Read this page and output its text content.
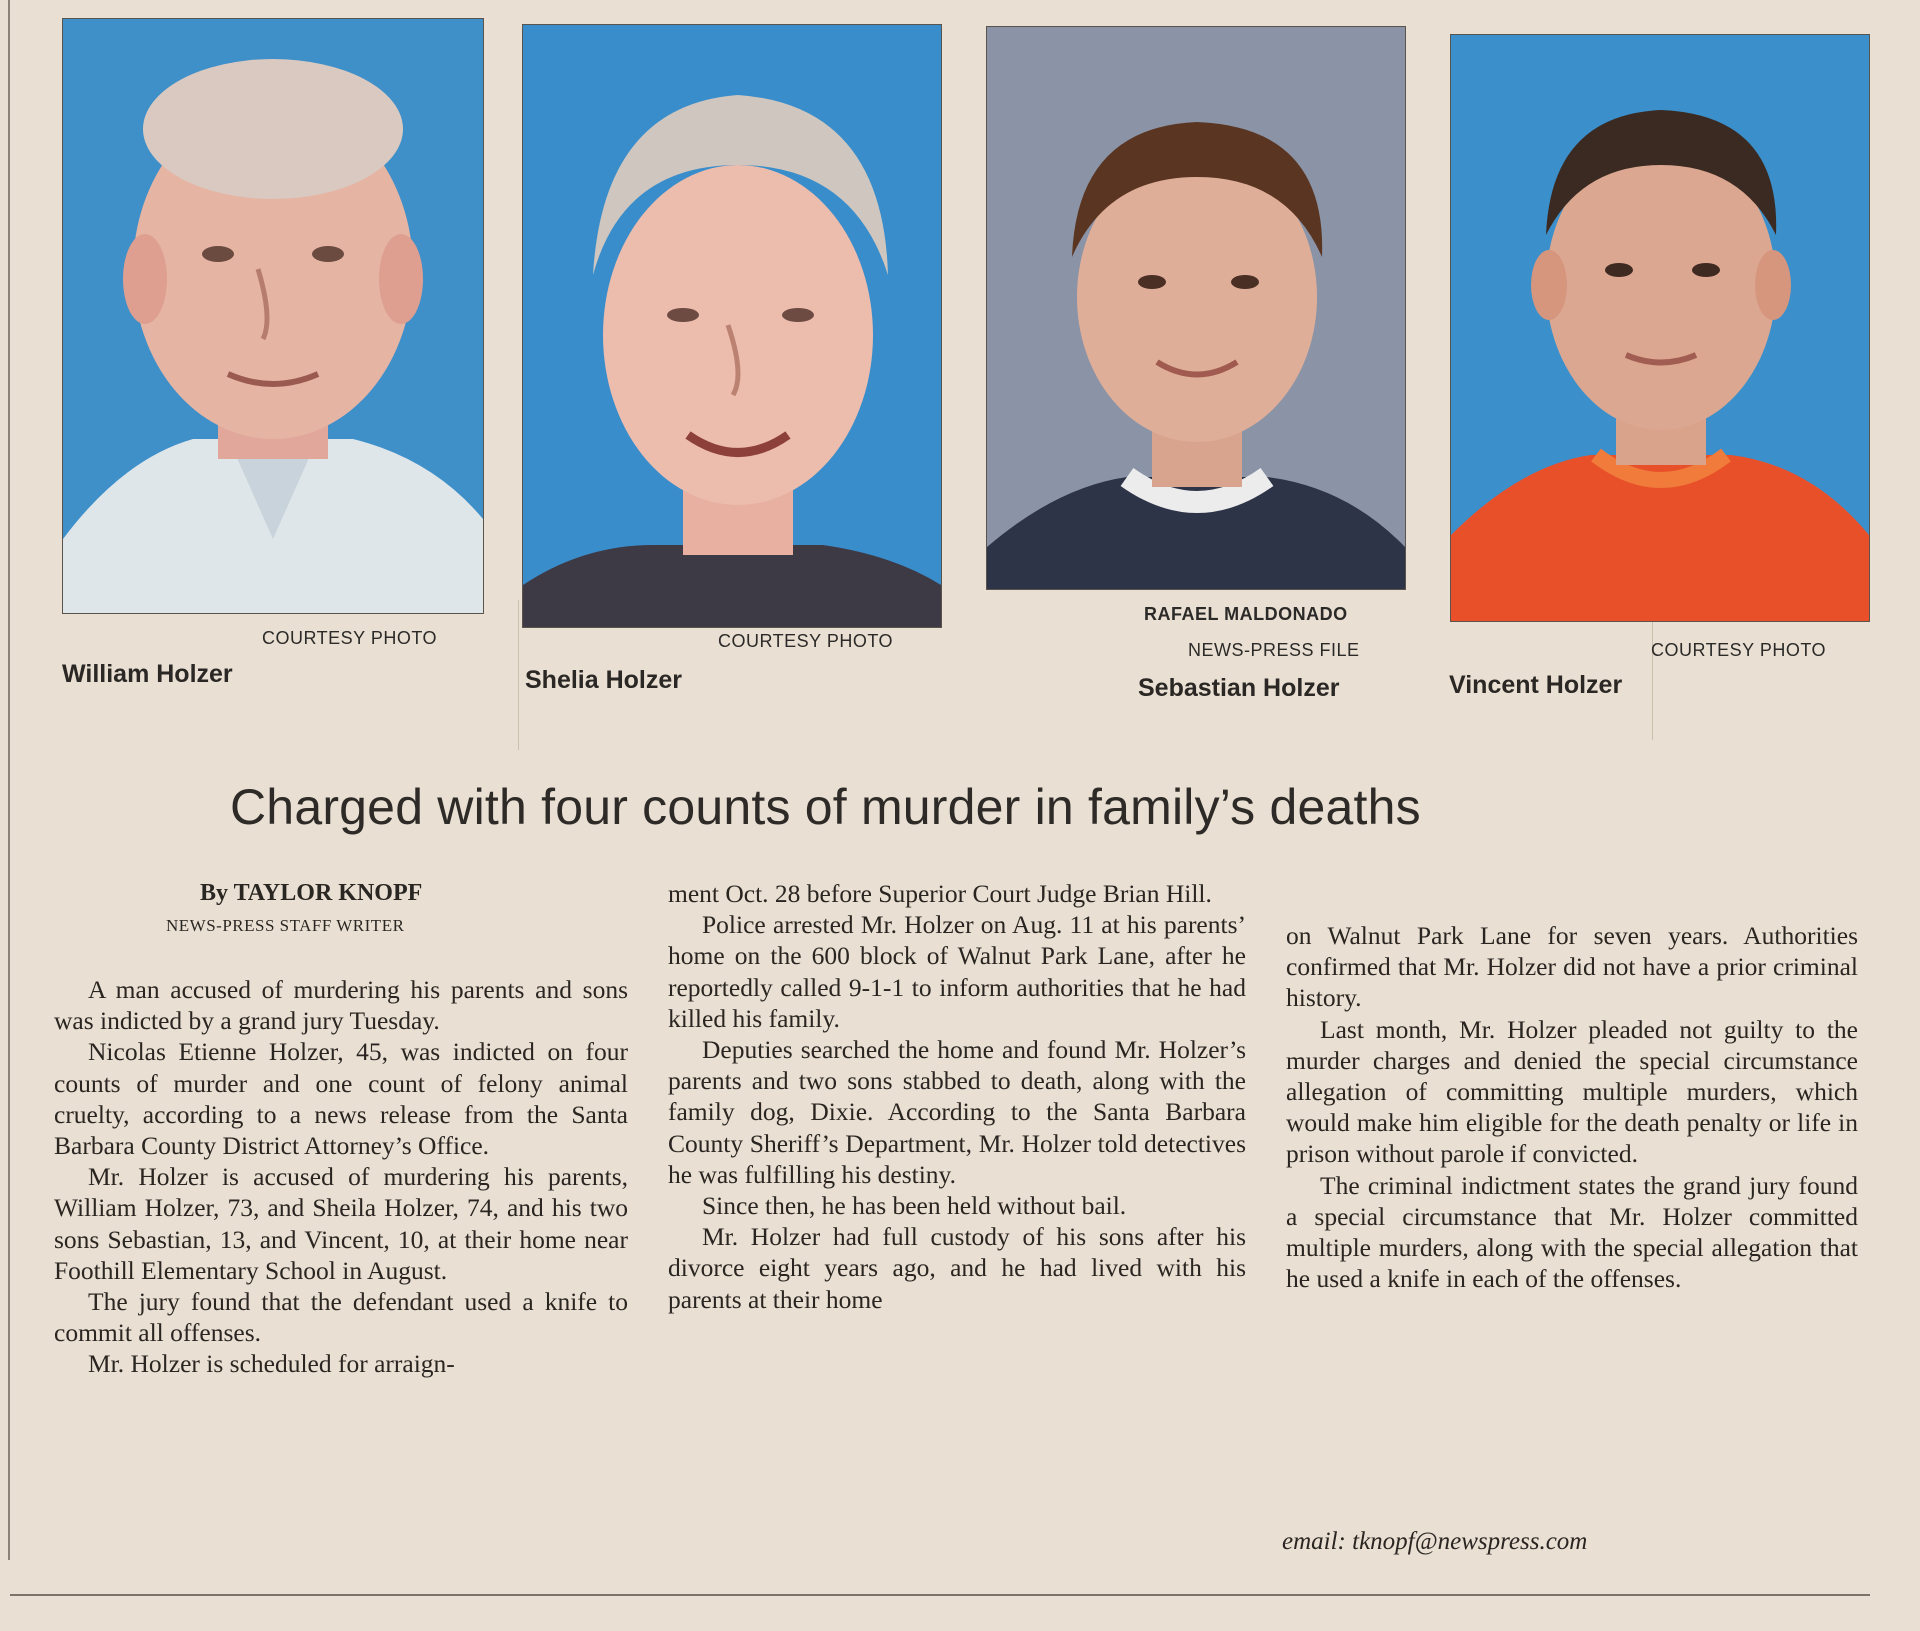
COURTESY PHOTO
William Holzer
COURTESY PHOTO
Shelia Holzer
RAFAEL MALDONADO
NEWS-PRESS FILE
Sebastian Holzer
COURTESY PHOTO
Vincent Holzer
Charged with four counts of murder in family’s deaths
By TAYLOR KNOPF
NEWS-PRESS STAFF WRITER

A man accused of murdering his parents and sons was indicted by a grand jury Tuesday.

Nicolas Etienne Holzer, 45, was indicted on four counts of murder and one count of felony animal cruelty, according to a news release from the Santa Barbara County District Attorney’s Office.

Mr. Holzer is accused of murdering his parents, William Holzer, 73, and Sheila Holzer, 74, and his two sons Sebastian, 13, and Vincent, 10, at their home near Foothill Elementary School in August.

The jury found that the defendant used a knife to commit all offenses.

Mr. Holzer is scheduled for arraign-

ment Oct. 28 before Superior Court Judge Brian Hill.

Police arrested Mr. Holzer on Aug. 11 at his parents’ home on the 600 block of Walnut Park Lane, after he reportedly called 9-1-1 to inform authorities that he had killed his family.

Deputies searched the home and found Mr. Holzer’s parents and two sons stabbed to death, along with the family dog, Dixie. According to the Santa Barbara County Sheriff’s Department, Mr. Holzer told detectives he was fulfilling his destiny.

Since then, he has been held without bail.

Mr. Holzer had full custody of his sons after his divorce eight years ago, and he had lived with his parents at their home

on Walnut Park Lane for seven years. Authorities confirmed that Mr. Holzer did not have a prior criminal history.

Last month, Mr. Holzer pleaded not guilty to the murder charges and denied the special circumstance allegation of committing multiple murders, which would make him eligible for the death penalty or life in prison without parole if convicted.

The criminal indictment states the grand jury found a special circumstance that Mr. Holzer committed multiple murders, along with the special allegation that he used a knife in each of the offenses.

email: tknopf@newspress.com
